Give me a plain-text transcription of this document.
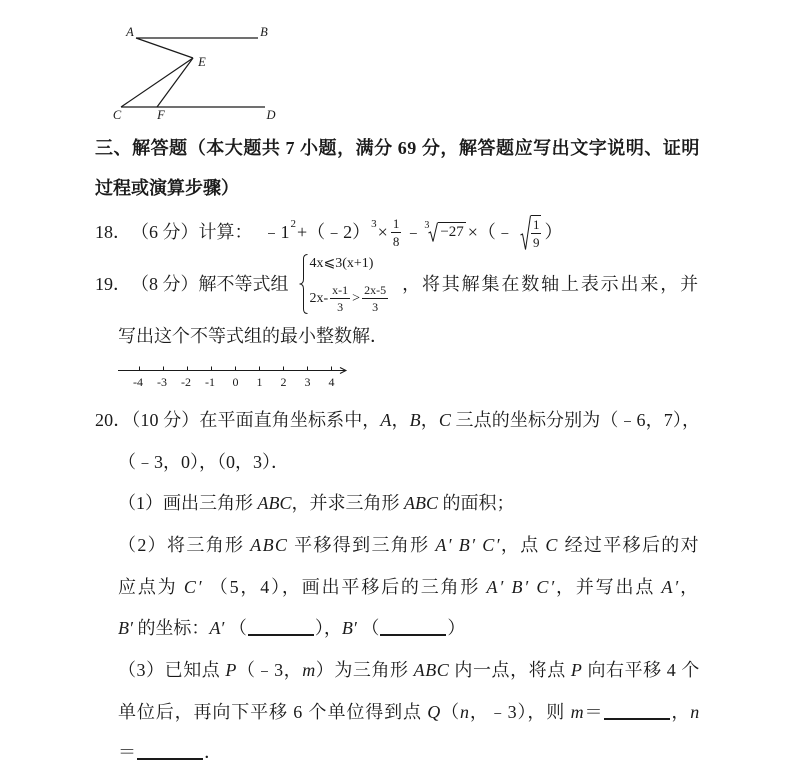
A	B
E
C	F	D
三、解答题（本大题共 7 小题，满分 69 分，解答题应写出文字说明、证明
过程或演算步骤）
18． （6 分）计算： ﹣1 2 +（﹣2） $3 \times \frac{1}{8}$ ﹣ 3 −27 ×（﹣ $\frac{1}{9}$ ）
19． （8 分）解不等式组
4x⩽3(x+1)
$2x- \frac{x-1}{3} > \frac{2x-5}{3}$ ，将其解集在数轴上表示出来，并
写出这个不等式组的最小整数解．
-4 -3 -2 -1 0 1 2 3 4
20．（10 分）在平面直角坐标系中，A，B，C 三点的坐标分别为（﹣6，7），
（﹣3，0），（0，3）．
（1）画出三角形 ABC，并求三角形 ABC 的面积；
（2）将三角形 ABC 平移得到三角形 A′ B′ C′，点 C 经过平移后的对
应点为 C′ （5，4），画出平移后的三角形 A′ B′ C′，并写出点 A′，
B′ 的坐标：A′ （	），B′ （	）
（3）已知点 P（﹣3，m）为三角形 ABC 内一点，将点 P 向右平移 4 个
单位后，再向下平移 6 个单位得到点 Q（n，﹣3），则 m＝	，n
＝	．
